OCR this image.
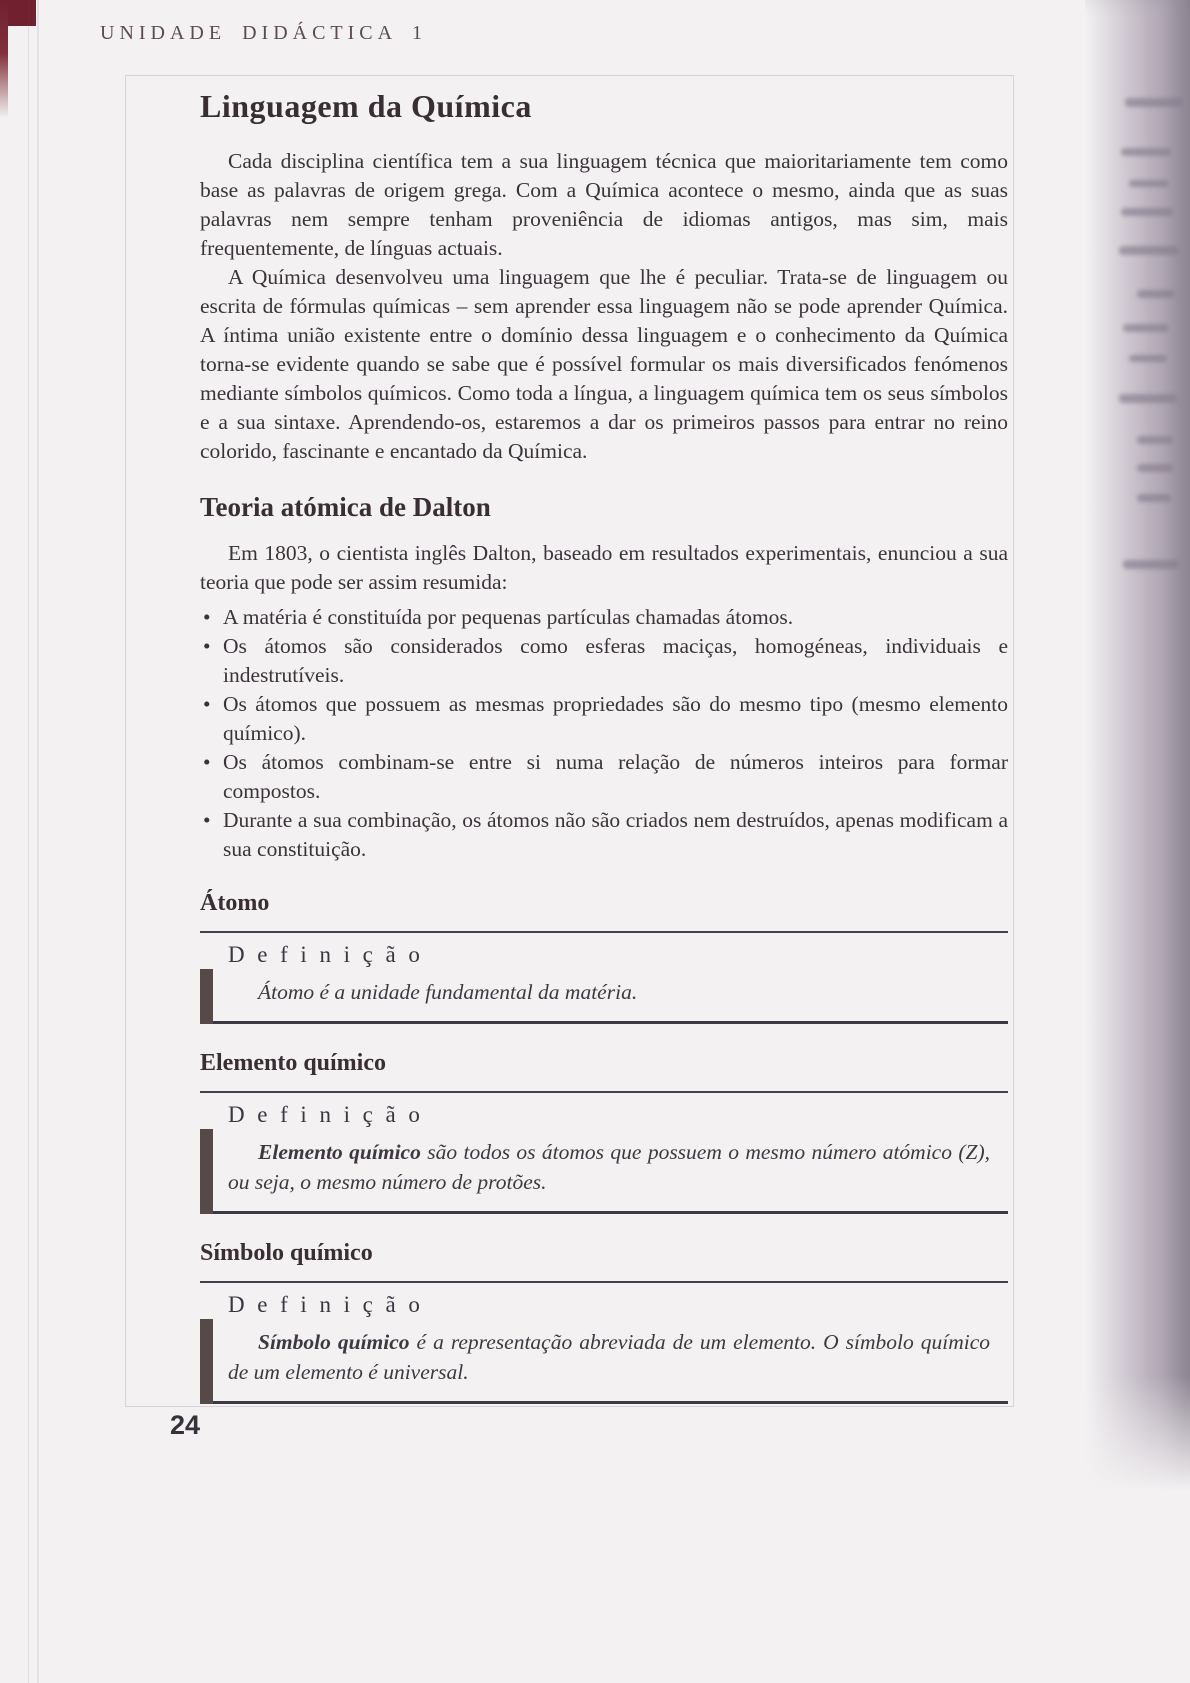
UNIDADE DIDÁCTICA 1
Linguagem da Química

Cada disciplina científica tem a sua linguagem técnica que maioritariamente tem como base as palavras de origem grega. Com a Química acontece o mesmo, ainda que as suas palavras nem sempre tenham proveniência de idiomas antigos, mas sim, mais frequentemente, de línguas actuais.

A Química desenvolveu uma linguagem que lhe é peculiar. Trata-se de linguagem ou escrita de fórmulas químicas – sem aprender essa linguagem não se pode aprender Química. A íntima união existente entre o domínio dessa linguagem e o conhecimento da Química torna-se evidente quando se sabe que é possível formular os mais diversificados fenómenos mediante símbolos químicos. Como toda a língua, a linguagem química tem os seus símbolos e a sua sintaxe. Aprendendo-os, estaremos a dar os primeiros passos para entrar no reino colorido, fascinante e encantado da Química.

Teoria atómica de Dalton

Em 1803, o cientista inglês Dalton, baseado em resultados experimentais, enunciou a sua teoria que pode ser assim resumida:

• A matéria é constituída por pequenas partículas chamadas átomos.
• Os átomos são considerados como esferas maciças, homogéneas, individuais e indestrutíveis.
• Os átomos que possuem as mesmas propriedades são do mesmo tipo (mesmo elemento químico).
• Os átomos combinam-se entre si numa relação de números inteiros para formar compostos.
• Durante a sua combinação, os átomos não são criados nem destruídos, apenas modificam a sua constituição.
Átomo
Definição

Átomo é a unidade fundamental da matéria.

Elemento químico
Definição

Elemento químico são todos os átomos que possuem o mesmo número atómico (Z), ou seja, o mesmo número de protões.

Símbolo químico
Definição

Símbolo químico é a representação abreviada de um elemento. O símbolo químico de um elemento é universal.

24
